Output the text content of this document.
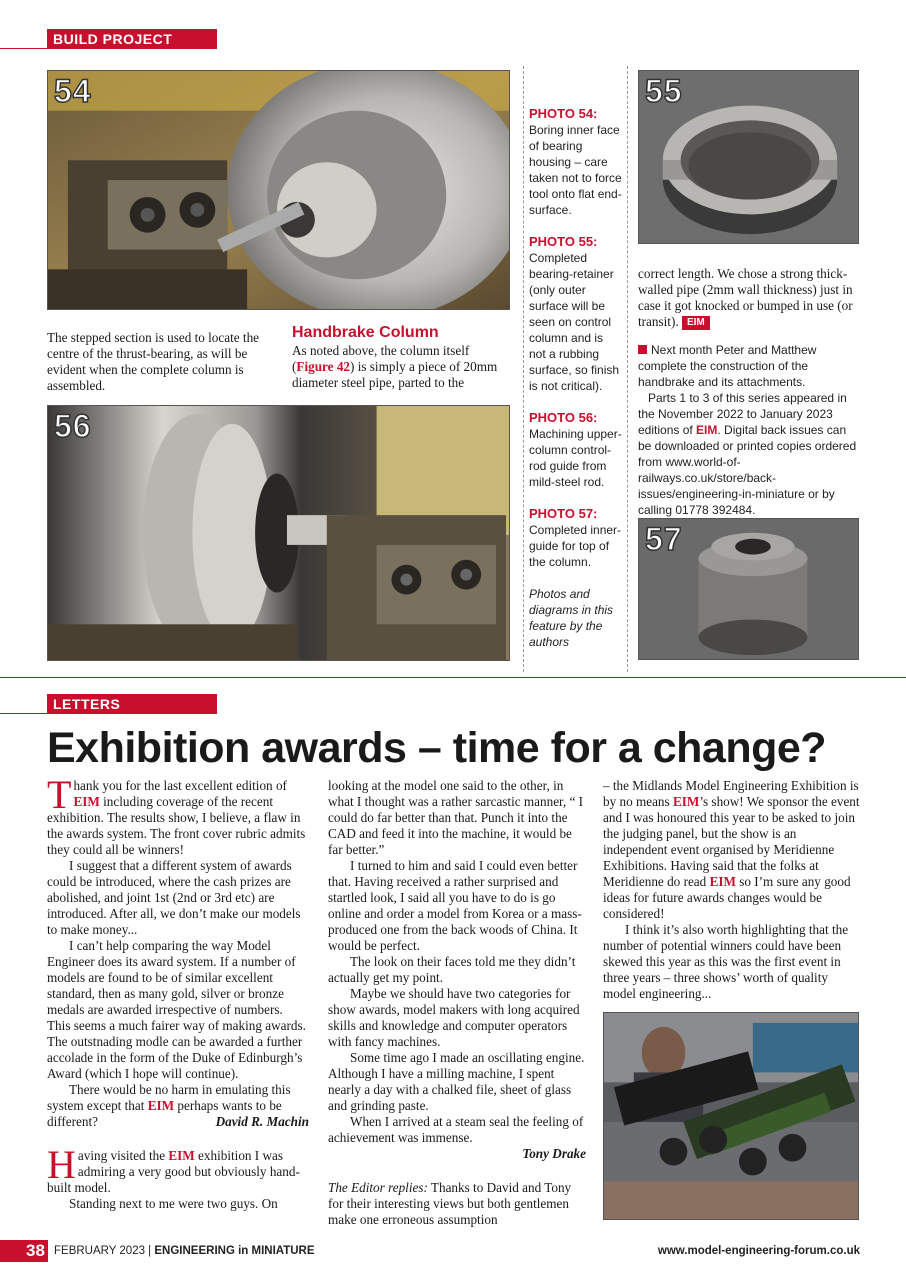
BUILD PROJECT
54
The stepped section is used to locate the centre of the thrust-bearing, as will be evident when the complete column is assembled.
Handbrake Column
As noted above, the column itself (Figure 42) is simply a piece of 20mm diameter steel pipe, parted to the
56
PHOTO 54:
Boring inner face of bearing housing – care taken not to force tool onto flat end-surface.
PHOTO 55:
Completed bearing-retainer (only outer surface will be seen on control column and is not a rubbing surface, so finish is not critical).
PHOTO 56:
Machining upper-column control-rod guide from mild-steel rod.
PHOTO 57:
Completed inner-guide for top of the column.
Photos and diagrams in this feature by the authors
55
correct length. We chose a strong thick-walled pipe (2mm wall thickness) just in case it got knocked or bumped in use (or transit). EIM
Next month Peter and Matthew complete the construction of the handbrake and its attachments.
Parts 1 to 3 of this series appeared in the November 2022 to January 2023 editions of EIM. Digital back issues can be downloaded or printed copies ordered from www.world-of-railways.co.uk/store/back-issues/engineering-in-miniature or by calling 01778 392484.
57
LETTERS
Exhibition awards – time for a change?

Thank you for the last excellent edition of EIM including coverage of the recent exhibition. The results show, I believe, a flaw in the awards system. The front cover rubric admits they could all be winners!

I suggest that a different system of awards could be introduced, where the cash prizes are abolished, and joint 1st (2nd or 3rd etc) are introduced. After all, we don’t make our models to make money...

I can’t help comparing the way Model Engineer does its award system. If a number of models are found to be of similar excellent standard, then as many gold, silver or bronze medals are awarded irrespective of numbers. This seems a much fairer way of making awards. The outstnading modle can be awarded a further accolade in the form of the Duke of Edinburgh’s Award (which I hope will continue).

There would be no harm in emulating this system except that EIM perhaps wants to be different?	David R. Machin

Having visited the EIM exhibition I was admiring a very good but obviously hand-built model.

Standing next to me were two guys. On

looking at the model one said to the other, in what I thought was a rather sarcastic manner, “ I could do far better than that. Punch it into the CAD and feed it into the machine, it would be far better.”

I turned to him and said I could even better that. Having received a rather surprised and startled look, I said all you have to do is go online and order a model from Korea or a mass-produced one from the back woods of China. It would be perfect.

The look on their faces told me they didn’t actually get my point.

Maybe we should have two categories for show awards, model makers with long acquired skills and knowledge and computer operators with fancy machines.

Some time ago I made an oscillating engine. Although I have a milling machine, I spent nearly a day with a chalked file, sheet of glass and grinding paste.

When I arrived at a steam seal the feeling of achievement was immense.

Tony Drake

The Editor replies: Thanks to David and Tony for their interesting views but both gentlemen make one erroneous assumption

– the Midlands Model Engineering Exhibition is by no means EIM’s show! We sponsor the event and I was honoured this year to be asked to join the judging panel, but the show is an independent event organised by Meridienne Exhibitions. Having said that the folks at Meridienne do read EIM so I’m sure any good ideas for future awards changes would be considered!

I think it’s also worth highlighting that the number of potential winners could have been skewed this year as this was the first event in three years – three shows’ worth of quality model engineering...

38 FEBRUARY 2023 | ENGINEERING in MINIATURE	www.model-engineering-forum.co.uk
